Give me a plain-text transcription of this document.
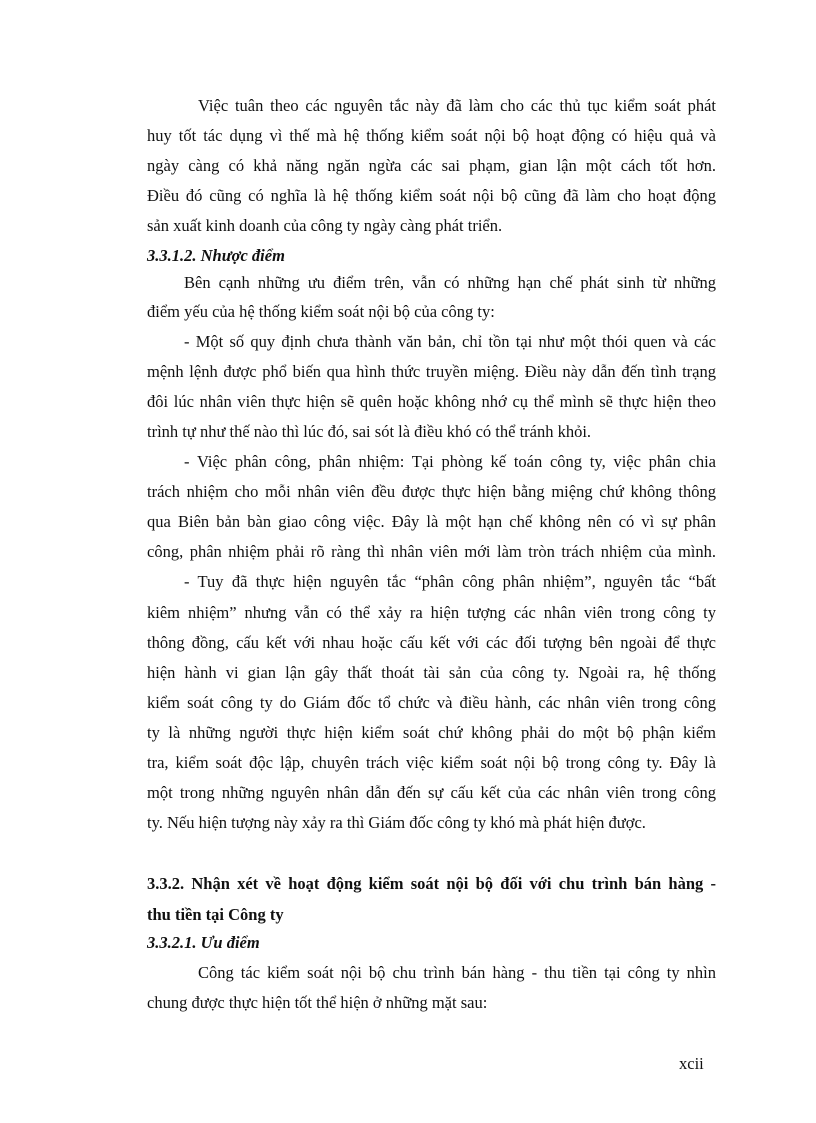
Việc tuân theo các nguyên tắc này đã làm cho các thủ tục kiểm soát phát
huy tốt tác dụng vì thế mà hệ thống kiểm soát nội bộ hoạt động có hiệu quả và
ngày càng có khả năng ngăn ngừa các sai phạm, gian lận một cách tốt hơn.
Điều đó cũng có nghĩa là hệ thống kiểm soát nội bộ cũng đã làm cho hoạt động
sản xuất kinh doanh của công ty ngày càng phát triển.
3.3.1.2. Nhược điểm
Bên cạnh những ưu điểm trên, vẫn có những hạn chế phát sinh từ những
điểm yếu của hệ thống kiểm soát nội bộ của công ty:
- Một số quy định chưa thành văn bản, chỉ tồn tại như một thói quen và các
mệnh lệnh được phổ biến qua hình thức truyền miệng. Điều này dẫn đến tình trạng
đôi lúc nhân viên thực hiện sẽ quên hoặc không nhớ cụ thể mình sẽ thực hiện theo
trình tự như thế nào thì lúc đó, sai sót là điều khó có thể tránh khỏi.
- Việc phân công, phân nhiệm: Tại phòng kế toán công ty, việc phân chia
trách nhiệm cho mỗi nhân viên đều được thực hiện bằng miệng chứ không thông
qua Biên bản bàn giao công việc. Đây là một hạn chế không nên có vì sự phân
công, phân nhiệm phải rõ ràng thì nhân viên mới làm tròn trách nhiệm của mình.
- Tuy đã thực hiện nguyên tắc “phân công phân nhiệm”, nguyên tắc “bất
kiêm nhiệm” nhưng vẫn có thể xảy ra hiện tượng các nhân viên trong công ty
thông đồng, cấu kết với nhau hoặc cấu kết với các đối tượng bên ngoài để thực
hiện hành vi gian lận gây thất thoát tài sản của công ty. Ngoài ra, hệ thống
kiểm soát công ty do Giám đốc tổ chức và điều hành, các nhân viên trong công
ty là những người thực hiện kiểm soát chứ không phải do một bộ phận kiểm
tra, kiểm soát độc lập, chuyên trách việc kiểm soát nội bộ trong công ty. Đây là
một trong những nguyên nhân dẫn đến sự cấu kết của các nhân viên trong công
ty. Nếu hiện tượng này xảy ra thì Giám đốc công ty khó mà phát hiện được.
3.3.2. Nhận xét về hoạt động kiểm soát nội bộ đối với chu trình bán hàng -
thu tiền tại Công ty
3.3.2.1. Ưu điểm
Công tác kiểm soát nội bộ chu trình bán hàng - thu tiền tại công ty nhìn
chung được thực hiện tốt thể hiện ở những mặt sau:
xcii
